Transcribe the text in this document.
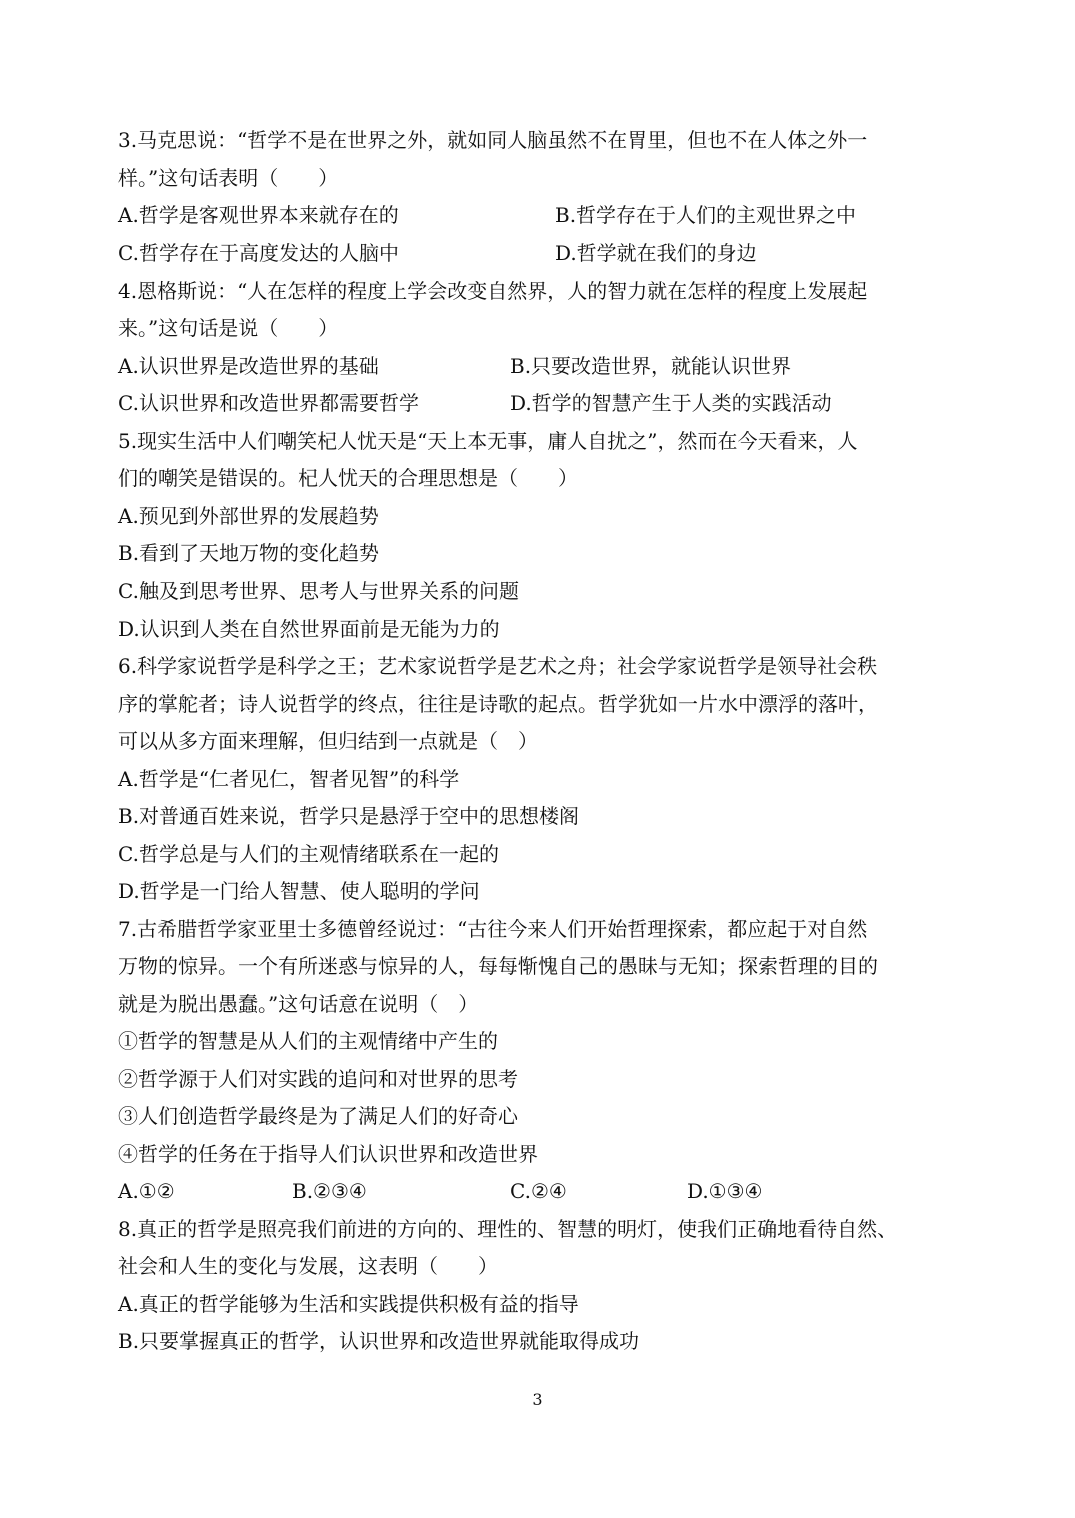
3.马克思说：“哲学不是在世界之外，就如同人脑虽然不在胃里，但也不在人体之外一
样。”这句话表明（　　）
A.哲学是客观世界本来就存在的	B.哲学存在于人们的主观世界之中
C.哲学存在于高度发达的人脑中	D.哲学就在我们的身边
4.恩格斯说：“人在怎样的程度上学会改变自然界，人的智力就在怎样的程度上发展起
来。”这句话是说（　　）
A.认识世界是改造世界的基础	B.只要改造世界，就能认识世界
C.认识世界和改造世界都需要哲学	D.哲学的智慧产生于人类的实践活动
5.现实生活中人们嘲笑杞人忧天是“天上本无事，庸人自扰之”，然而在今天看来，人
们的嘲笑是错误的。杞人忧天的合理思想是（　　）
A.预见到外部世界的发展趋势
B.看到了天地万物的变化趋势
C.触及到思考世界、思考人与世界关系的问题
D.认识到人类在自然世界面前是无能为力的
6.科学家说哲学是科学之王；艺术家说哲学是艺术之舟；社会学家说哲学是领导社会秩
序的掌舵者；诗人说哲学的终点，往往是诗歌的起点。哲学犹如一片水中漂浮的落叶，
可以从多方面来理解，但归结到一点就是（　）
A.哲学是“仁者见仁，智者见智”的科学
B.对普通百姓来说，哲学只是悬浮于空中的思想楼阁
C.哲学总是与人们的主观情绪联系在一起的
D.哲学是一门给人智慧、使人聪明的学问
7.古希腊哲学家亚里士多德曾经说过：“古往今来人们开始哲理探索，都应起于对自然
万物的惊异。一个有所迷惑与惊异的人，每每惭愧自己的愚昧与无知；探索哲理的目的
就是为脱出愚蠢。”这句话意在说明（　）
①哲学的智慧是从人们的主观情绪中产生的
②哲学源于人们对实践的追问和对世界的思考
③人们创造哲学最终是为了满足人们的好奇心
④哲学的任务在于指导人们认识世界和改造世界
A.①②	B.②③④	C.②④	D.①③④
8.真正的哲学是照亮我们前进的方向的、理性的、智慧的明灯，使我们正确地看待自然、
社会和人生的变化与发展，这表明（　　）
A.真正的哲学能够为生活和实践提供积极有益的指导
B.只要掌握真正的哲学，认识世界和改造世界就能取得成功
3
